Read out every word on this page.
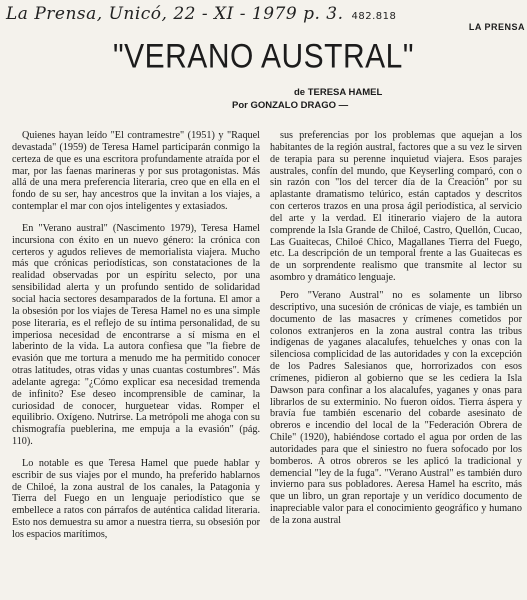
La Prensa, Unicó, 22 - XI - 1979 p. 3. 482.818
LA PRENSA
"VERANO AUSTRAL"
de TERESA HAMEL
Por GONZALO DRAGO —

Quienes hayan leído "El contramestre" (1951) y "Raquel devastada" (1959) de Teresa Hamel participarán conmigo la certeza de que es una escritora profundamente atraída por el mar, por las faenas marineras y por sus protagonistas. Más allá de una mera preferencia literaria, creo que en ella en el fondo de su ser, hay ancestros que la invitan a los viajes, a contemplar el mar con ojos inteligentes y extasiados.

En "Verano austral" (Nascimento 1979), Teresa Hamel incursiona con éxito en un nuevo género: la crónica con certeros y agudos relieves de memorialista viajera. Mucho más que crónicas periodísticas, son constataciones de la realidad observadas por un espíritu selecto, por una sensibilidad alerta y un profundo sentido de solidaridad social hacia sectores desamparados de la fortuna. El amor a la obsesión por los viajes de Teresa Hamel no es una simple pose literaria, es el reflejo de su íntima personalidad, de su imperiosa necesidad de encontrarse a sí misma en el laberinto de la vida. La autora confiesa que "la fiebre de evasión que me tortura a menudo me ha permitido conocer otras latitudes, otras vidas y unas cuantas costumbres". Más adelante agrega: "¿Cómo explicar esa necesidad tremenda de infinito? Ese deseo incomprensible de caminar, la curiosidad de conocer, hurguetear vidas. Romper el equilibrio. Oxígeno. Nutrirse. La metrópoli me ahoga con su chismografía pueblerina, me empuja a la evasión" (pág. 110).

Lo notable es que Teresa Hamel que puede hablar y escribir de sus viajes por el mundo, ha preferido hablarnos de Chiloé, la zona austral de los canales, la Patagonia y Tierra del Fuego en un lenguaje periodístico que se embellece a ratos con párrafos de auténtica calidad literaria. Esto nos demuestra su amor a nuestra tierra, su obsesión por los espacios marítimos,

sus preferencias por los problemas que aquejan a los habitantes de la región austral, factores que a su vez le sirven de terapia para su perenne inquietud viajera. Esos parajes australes, confín del mundo, que Keyserling comparó, con o sin razón con "los del tercer día de la Creación" por su aplastante dramatismo telúrico, están captados y descritos con certeros trazos en una prosa ágil periodística, al servicio del arte y la verdad. El itinerario viajero de la autora comprende la Isla Grande de Chiloé, Castro, Quellón, Cucao, Las Guaitecas, Chiloé Chico, Magallanes Tierra del Fuego, etc. La descripción de un temporal frente a las Guaitecas es de un sorprendente realismo que transmite al lector su asombro y dramático lenguaje.

Pero "Verano Austral" no es solamente un librso descriptivo, una sucesión de crónicas de viaje, es también un documento de las masacres y crímenes cometidos por colonos extranjeros en la zona austral contra las tribus indígenas de yaganes alacalufes, tehuelches y onas con la silenciosa complicidad de las autoridades y con la excepción de los Padres Salesianos que, horrorizados con esos crímenes, pidieron al gobierno que se les cediera la Isla Dawson para confinar a los alacalufes, yaganes y onas para librarlos de su exterminio. No fueron oídos. Tierra áspera y bravía fue también escenario del cobarde asesinato de obreros e incendio del local de la "Federación Obrera de Chile" (1920), habiéndose cortado el agua por orden de las autoridades para que el siniestro no fuera sofocado por los bomberos. A otros obreros se les aplicó la tradicional y demencial "ley de la fuga". "Verano Austral" es también duro invierno para sus pobladores. Aeresa Hamel ha escrito, más que un libro, un gran reportaje y un verídico documento de inapreciable valor para el conocimiento geográfico y humano de la zona austral
